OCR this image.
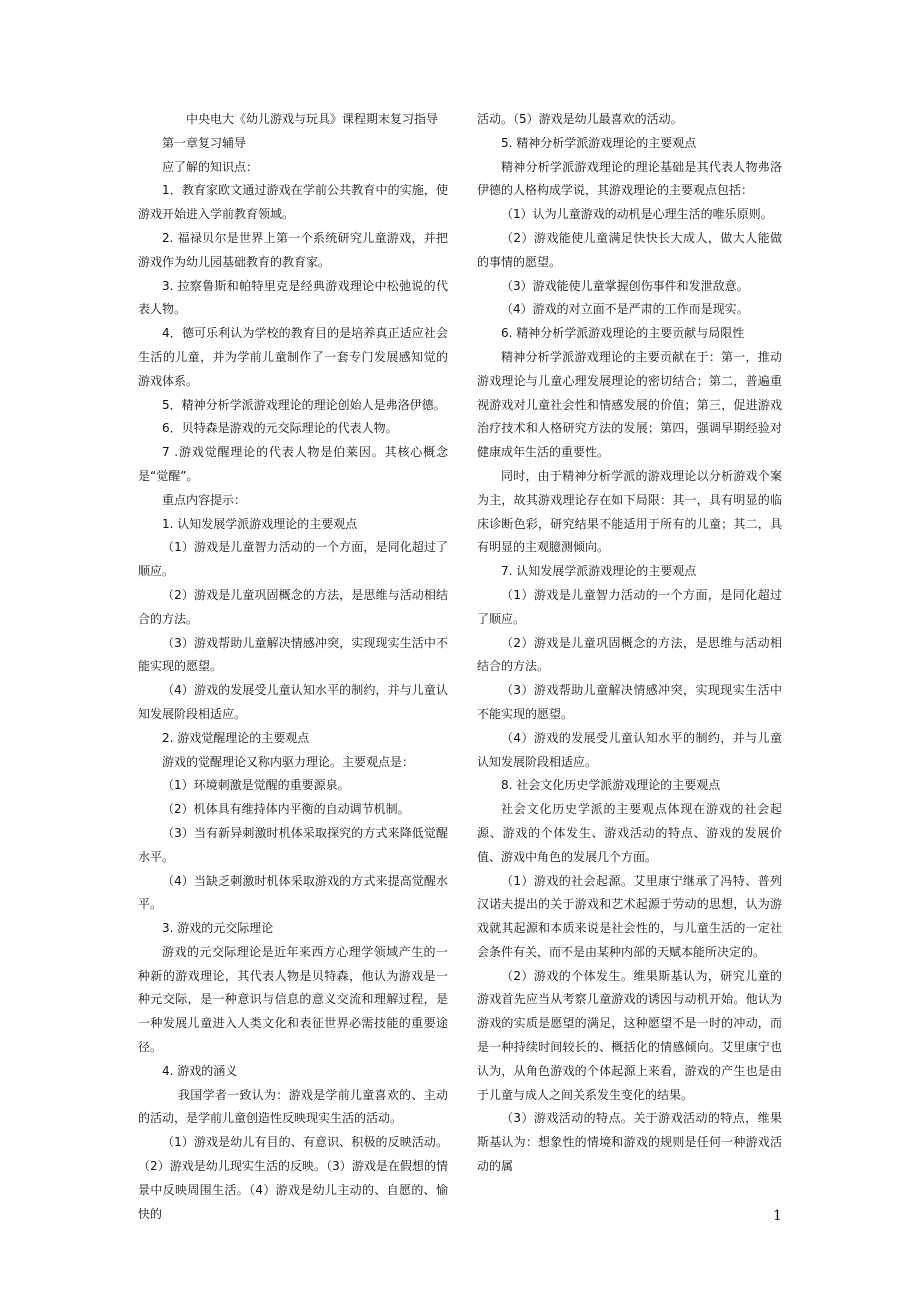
中央电大《幼儿游戏与玩具》课程期末复习指导

第一章复习辅导

应了解的知识点：

1．教育家欧文通过游戏在学前公共教育中的实施，使游戏开始进入学前教育领域。

2. 福禄贝尔是世界上第一个系统研究儿童游戏，并把游戏作为幼儿园基础教育的教育家。

3. 拉察鲁斯和帕特里克是经典游戏理论中松弛说的代表人物。

4．德可乐利认为学校的教育目的是培养真正适应社会生活的儿童，并为学前儿童制作了一套专门发展感知觉的游戏体系。

5．精神分析学派游戏理论的理论创始人是弗洛伊德。

6．贝特森是游戏的元交际理论的代表人物。

7 .游戏觉醒理论的代表人物是伯莱因。其核心概念是“觉醒”。

重点内容提示：

1. 认知发展学派游戏理论的主要观点

（1）游戏是儿童智力活动的一个方面，是同化超过了顺应。

（2）游戏是儿童巩固概念的方法，是思维与活动相结合的方法。

（3）游戏帮助儿童解决情感冲突，实现现实生活中不能实现的愿望。

（4）游戏的发展受儿童认知水平的制约，并与儿童认知发展阶段相适应。

2. 游戏觉醒理论的主要观点

游戏的觉醒理论又称内驱力理论。主要观点是：

（1）环境刺激是觉醒的重要源泉。

（2）机体具有维持体内平衡的自动调节机制。

（3）当有新异刺激时机体采取探究的方式来降低觉醒水平。

（4）当缺乏刺激时机体采取游戏的方式来提高觉醒水平。

3. 游戏的元交际理论

游戏的元交际理论是近年来西方心理学领域产生的一种新的游戏理论，其代表人物是贝特森，他认为游戏是一种元交际，是一种意识与信息的意义交流和理解过程，是一种发展儿童进入人类文化和表征世界必需技能的重要途径。

4. 游戏的涵义

我国学者一致认为：游戏是学前儿童喜欢的、主动的活动，是学前儿童创造性反映现实生活的活动。

（1）游戏是幼儿有目的、有意识、积极的反映活动。（2）游戏是幼儿现实生活的反映。（3）游戏是在假想的情景中反映周围生活。（4）游戏是幼儿主动的、自愿的、愉快的

活动。（5）游戏是幼儿最喜欢的活动。

5. 精神分析学派游戏理论的主要观点

精神分析学派游戏理论的理论基础是其代表人物弗洛伊德的人格构成学说，其游戏理论的主要观点包括：

（1）认为儿童游戏的动机是心理生活的唯乐原则。

（2）游戏能使儿童满足快快长大成人，做大人能做的事情的愿望。

（3）游戏能使儿童掌握创伤事件和发泄敌意。

（4）游戏的对立面不是严肃的工作而是现实。

6. 精神分析学派游戏理论的主要贡献与局限性

精神分析学派游戏理论的主要贡献在于：第一，推动游戏理论与儿童心理发展理论的密切结合；第二，普遍重视游戏对儿童社会性和情感发展的价值；第三，促进游戏治疗技术和人格研究方法的发展；第四，强调早期经验对健康成年生活的重要性。

同时，由于精神分析学派的游戏理论以分析游戏个案为主，故其游戏理论存在如下局限：其一，具有明显的临床诊断色彩，研究结果不能适用于所有的儿童；其二，具有明显的主观臆测倾向。

7. 认知发展学派游戏理论的主要观点

（1）游戏是儿童智力活动的一个方面，是同化超过了顺应。

（2）游戏是儿童巩固概念的方法，是思维与活动相结合的方法。

（3）游戏帮助儿童解决情感冲突，实现现实生活中不能实现的愿望。

（4）游戏的发展受儿童认知水平的制约，并与儿童认知发展阶段相适应。

8. 社会文化历史学派游戏理论的主要观点

社会文化历史学派的主要观点体现在游戏的社会起源、游戏的个体发生、游戏活动的特点、游戏的发展价值、游戏中角色的发展几个方面。

（1）游戏的社会起源。艾里康宁继承了冯特、普列汉诺夫提出的关于游戏和艺术起源于劳动的思想，认为游戏就其起源和本质来说是社会性的，与儿童生活的一定社会条件有关，而不是由某种内部的天赋本能所决定的。

（2）游戏的个体发生。维果斯基认为，研究儿童的游戏首先应当从考察儿童游戏的诱因与动机开始。他认为游戏的实质是愿望的满足，这种愿望不是一时的冲动，而是一种持续时间较长的、概括化的情感倾向。艾里康宁也认为，从角色游戏的个体起源上来看，游戏的产生也是由于儿童与成人之间关系发生变化的结果。

（3）游戏活动的特点。关于游戏活动的特点，维果斯基认为：想象性的情境和游戏的规则是任何一种游戏活动的属

1
